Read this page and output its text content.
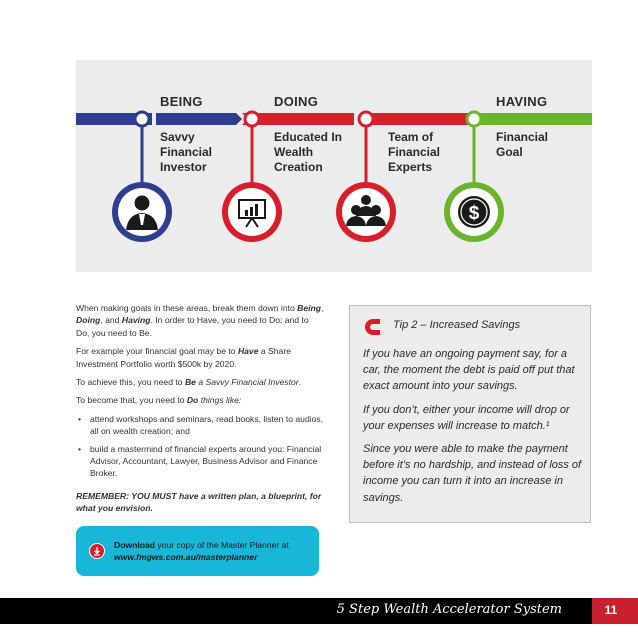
$
BEING	DOING	HAVING
Savvy
Financial
Investor
Educated In
Wealth
Creation
Team of
Financial
Experts
Financial
Goal

When making goals in these areas, break them down into Being, Doing, and Having. In order to Have, you need to Do; and to Do, you need to Be.

For example your financial goal may be to Have a Share Investment Portfolio worth $500k by 2020.

To achieve this, you need to Be a Savvy Financial Investor.

To become that, you need to Do things like:

• attend workshops and seminars, read books, listen to audios, all on wealth creation; and
• build a mastermind of financial experts around you: Financial Advisor, Accountant, Lawyer, Business Advisor and Finance Broker.

REMEMBER: YOU MUST have a written plan, a blueprint, for what you envision.

Download your copy of the Master Planner at
www.fmgws.com.au/masterplanner
Tip 2 – Increased Savings

If you have an ongoing payment say, for a car, the moment the debt is paid off put that exact amount into your savings.

If you don’t, either your income will drop or your expenses will increase to match.¹

Since you were able to make the payment before it’s no hardship, and instead of loss of income you can turn it into an increase in savings.

5 Step Wealth Accelerator System	11
